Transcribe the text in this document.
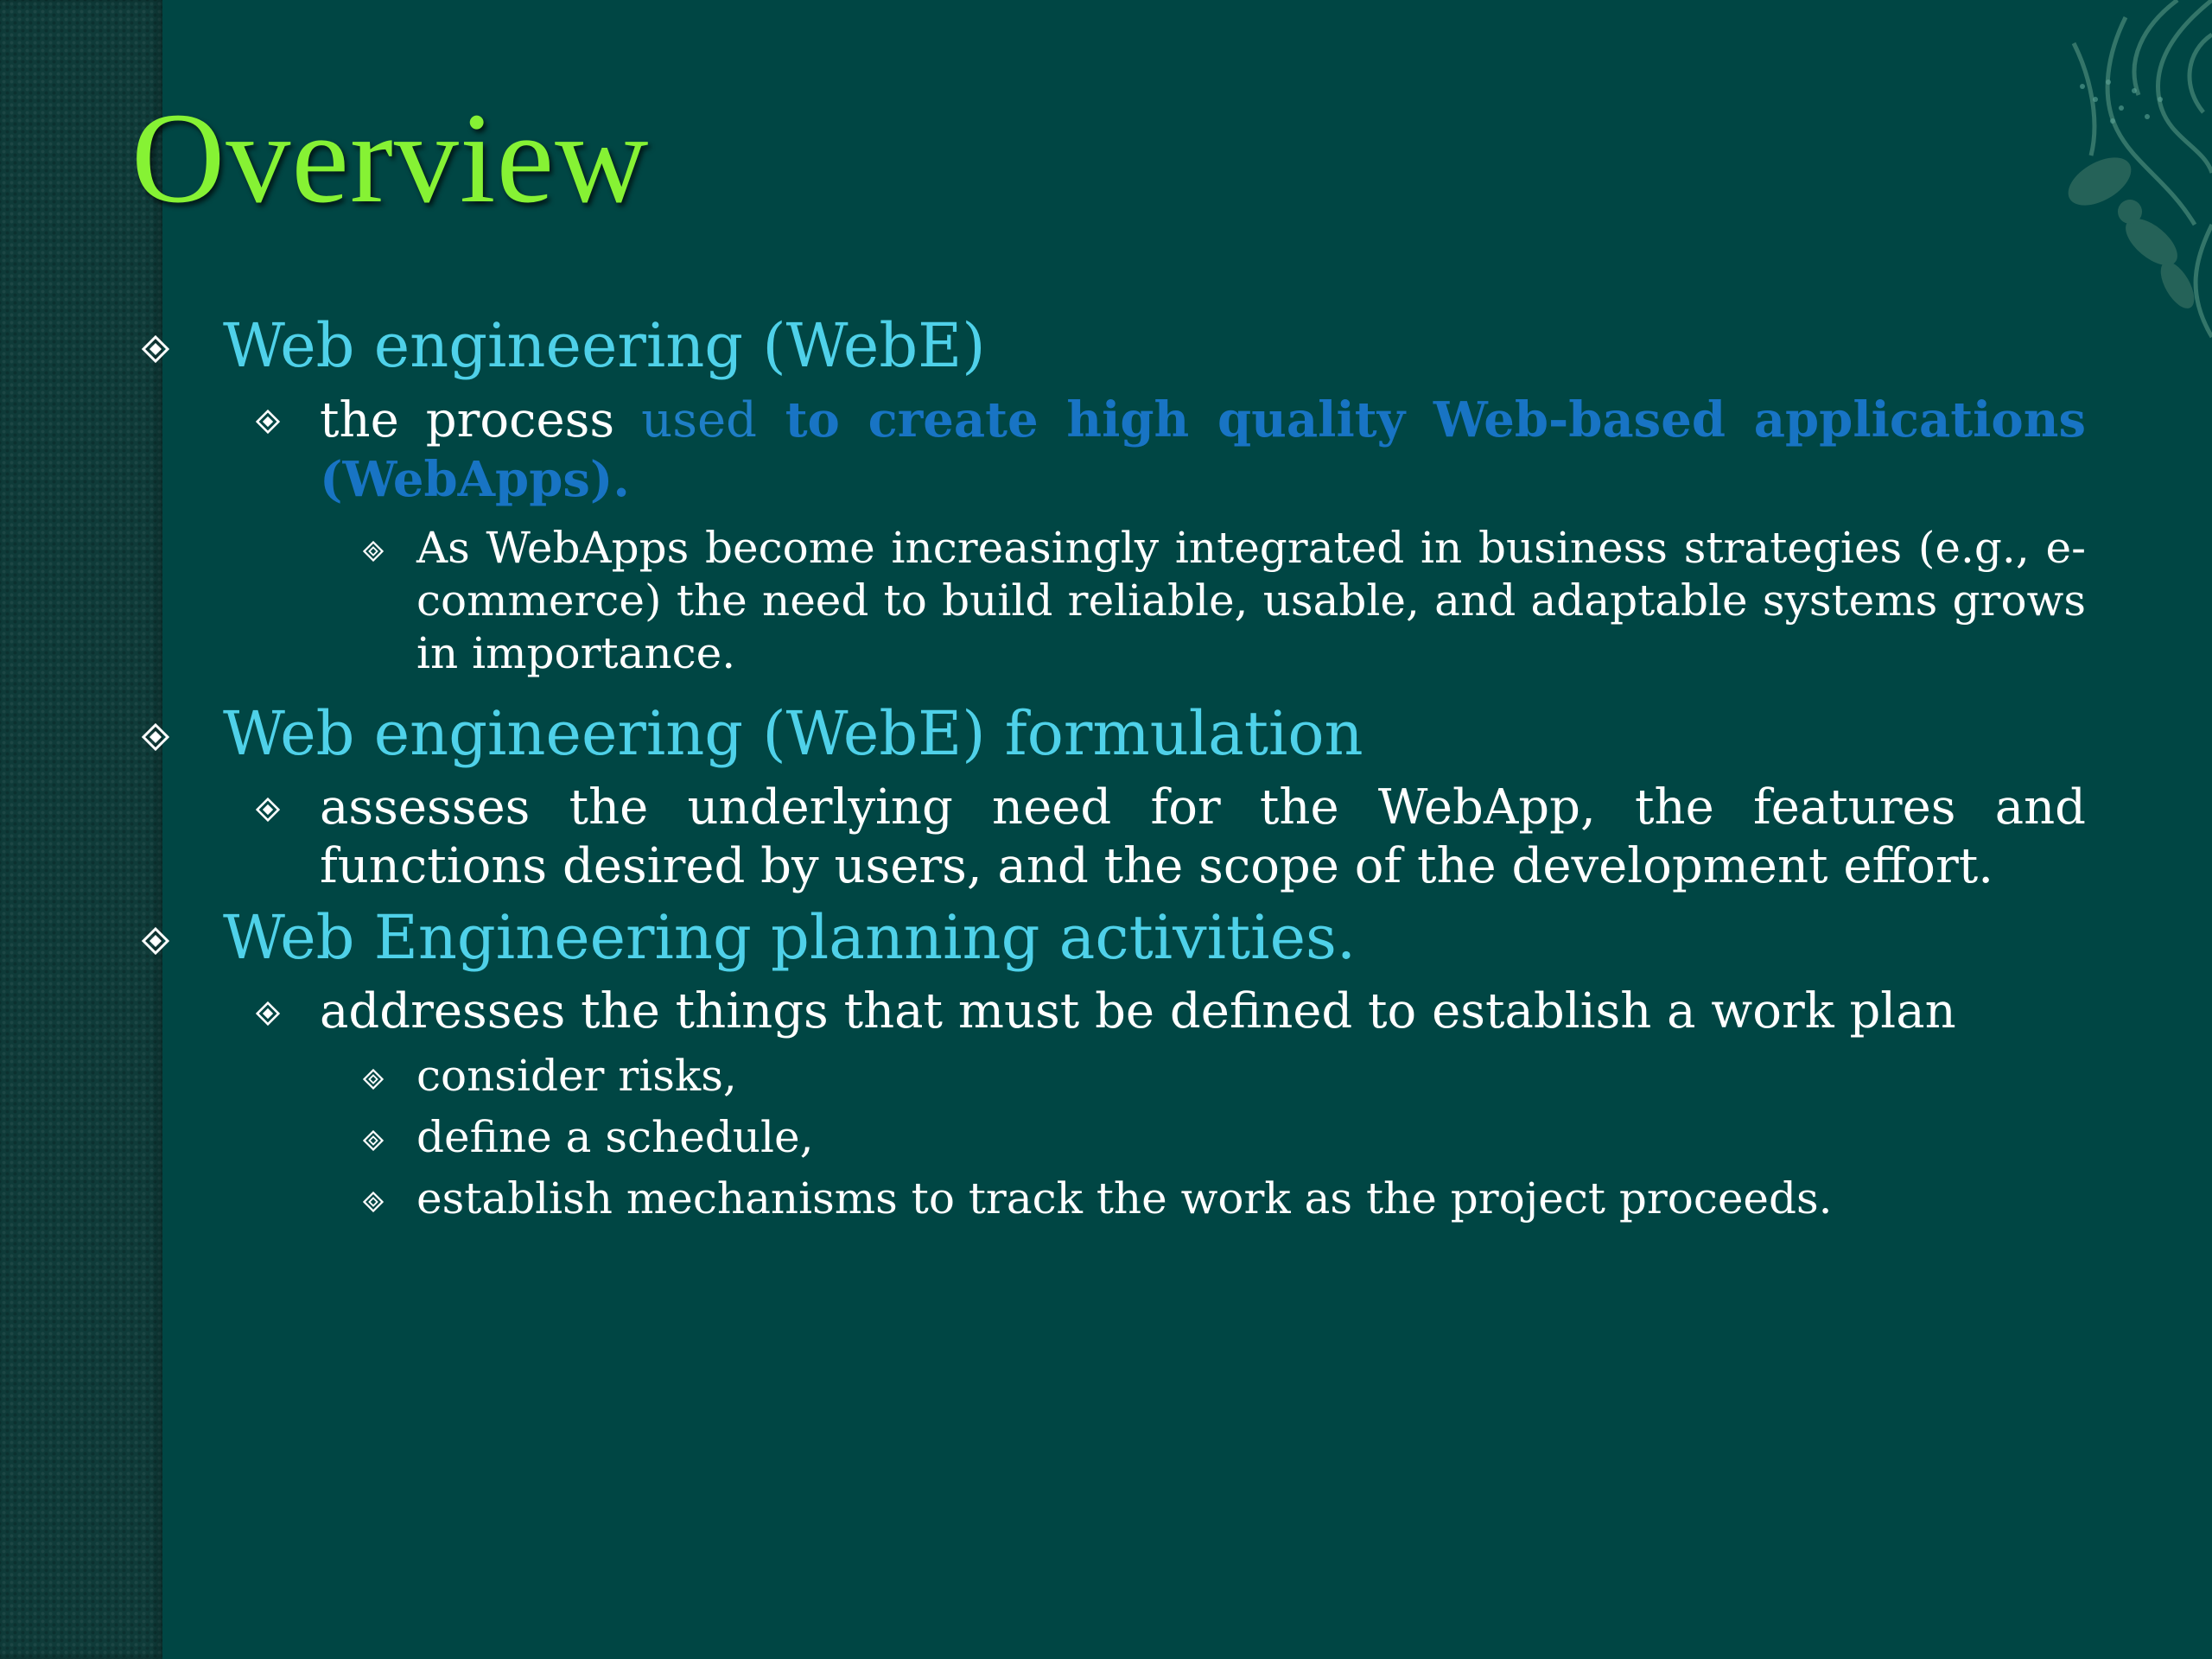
Overview
Web engineering (WebE)
the process used to create high quality Web-based applications (WebApps).
As WebApps become increasingly integrated in business strategies (e.g., e-commerce) the need to build reliable, usable, and adaptable systems grows in importance.
Web engineering (WebE) formulation
assesses the underlying need for the WebApp, the features and functions desired by users, and the scope of the development effort.
Web Engineering planning activities.
addresses the things that must be defined to establish a work plan
consider risks,
define a schedule,
establish mechanisms to track the work as the project proceeds.
